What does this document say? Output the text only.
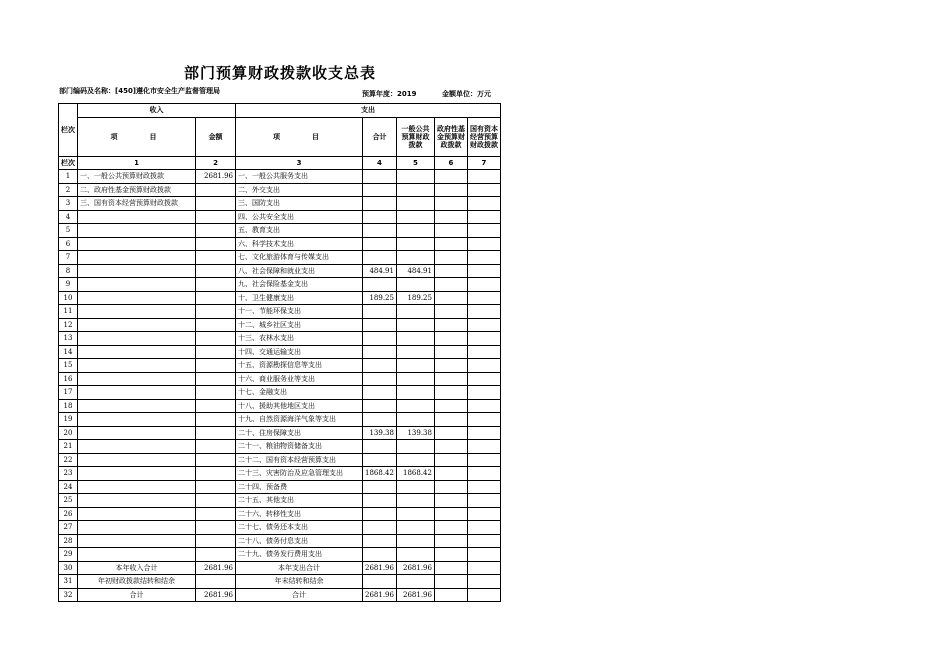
部门预算财政拨款收支总表
部门编码及名称：[450]遵化市安全生产监督管理局	预算年度：2019	金额单位：万元
栏次	收入		支出				
	项　　目	金额	项　　目	合计	一般公共预算财政拨款	政府性基金预算财政拨款	国有资本经营预算财政拨款
栏次	1	2	3	4	5	6	7
1	一、一般公共预算财政拨款	2681.96	一、一般公共服务支出				
2	二、政府性基金预算财政拨款		二、外交支出				
3	三、国有资本经营预算财政拨款		三、国防支出				
4			四、公共安全支出				
5			五、教育支出				
6			六、科学技术支出				
7			七、文化旅游体育与传媒支出				
8			八、社会保障和就业支出	484.91	484.91		
9			九、社会保险基金支出				
10			十、卫生健康支出	189.25	189.25		
11			十一、节能环保支出				
12			十二、城乡社区支出				
13			十三、农林水支出				
14			十四、交通运输支出				
15			十五、资源勘探信息等支出				
16			十六、商业服务业等支出				
17			十七、金融支出				
18			十八、援助其他地区支出				
19			十九、自然资源海洋气象等支出				
20			二十、住房保障支出	139.38	139.38		
21			二十一、粮油物资储备支出				
22			二十二、国有资本经营预算支出				
23			二十三、灾害防治及应急管理支出	1868.42	1868.42		
24			二十四、预备费				
25			二十五、其他支出				
26			二十六、转移性支出				
27			二十七、债务还本支出				
28			二十八、债务付息支出				
29			二十九、债务发行费用支出				
30	本年收入合计	2681.96	本年支出合计	2681.96	2681.96		
31	年初财政拨款结转和结余		年末结转和结余				
32	合计	2681.96	合计	2681.96	2681.96		
